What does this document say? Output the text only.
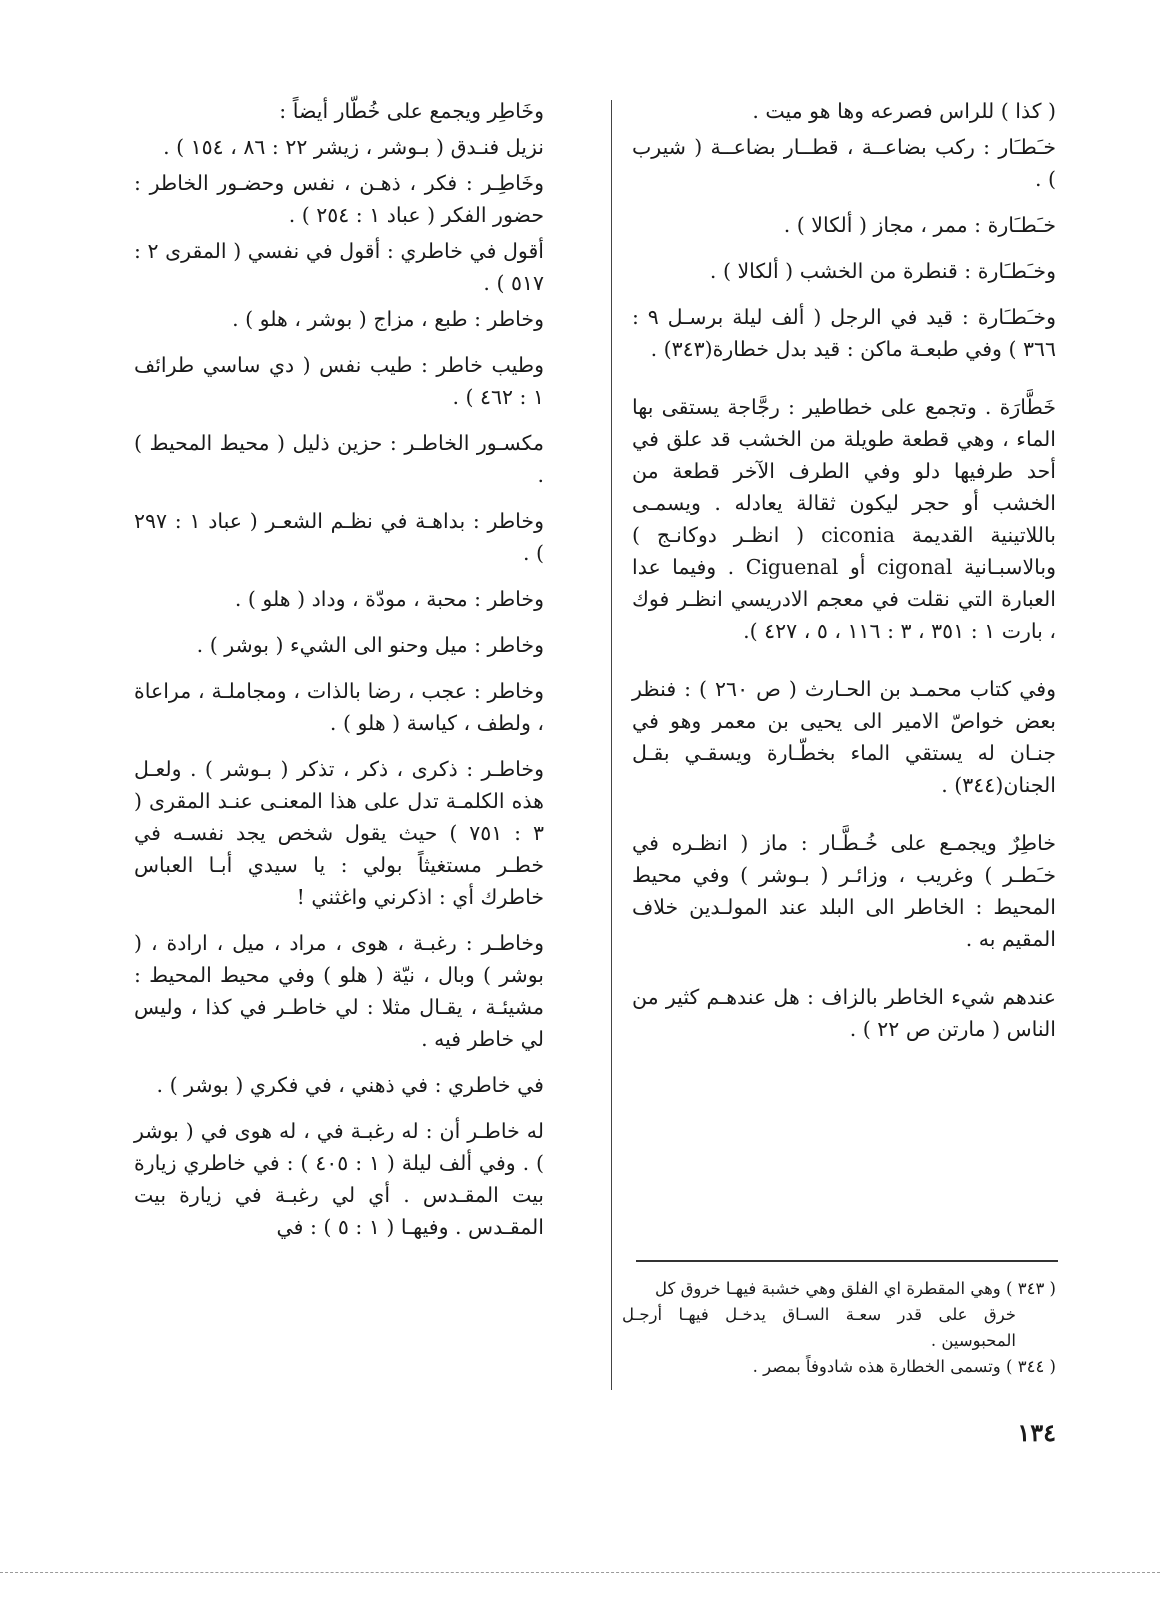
( كذا ) للراس فصرعه وها هو ميت .

خـَطـَار : ركب بضاعــة ، قطــار بضاعــة ( شيرب ) .

خـَطـَارة : ممر ، مجاز ( ألكالا ) .

وخـَطـَارة : قنطرة من الخشب ( ألكالا ) .

وخـَطـَارة : قيد في الرجل ( ألف ليلة برسـل ٩ : ٣٦٦ ) وفي طبعـة ماكن : قيد بدل خطارة(٣٤٣) .

خَطَّارَة . وتجمع على خطاطير : رجَّاجة يستقى بها الماء ، وهي قطعة طويلة من الخشب قد علق في أحد طرفيها دلو وفي الطرف الآخر قطعة من الخشب أو حجر ليكون ثقالة يعادله . ويسمـى باللاتينية القديمة ciconia ( انظـر دوكانـج ) وبالاسبـانية cigonal أو Ciguenal . وفيما عدا العبارة التي نقلت في معجم الادريسي انظـر فوك ، بارت ١ : ٣٥١ ، ٣ : ١١٦ ، ٥ ، ٤٢٧ ).

وفي كتاب محمـد بن الحـارث ( ص ٢٦٠ ) : فنظر بعض خواصّ الامير الى يحيى بن معمر وهو في جنـان له يستقي الماء بخطّـارة ويسقـي بقـل الجنان(٣٤٤) .

خاطِرٌ ويجمـع على خُـطَّـار : ماز ( انظـره في خـَطـر ) وغريب ، وزائـر ( بـوشر ) وفي محيط المحيط : الخاطر الى البلد عند المولـدين خلاف المقيم به .

عندهم شيء الخاطر بالزاف : هل عندهـم كثير من الناس ( مارتن ص ٢٢ ) .

وخَاطِر ويجمع على خُطّار أيضاً :

نزيل فنـدق ( بـوشر ، زيشر ٢٢ : ٨٦ ، ١٥٤ ) .

وخَاطِـر : فكر ، ذهـن ، نفس وحضـور الخاطر : حضور الفكر ( عباد ١ : ٢٥٤ ) .

أقول في خاطري : أقول في نفسي ( المقرى ٢ : ٥١٧ ) .

وخاطر : طبع ، مزاج ( بوشر ، هلو ) .

وطيب خاطر : طيب نفس ( دي ساسي طرائف ١ : ٤٦٢ ) .

مكسـور الخاطـر : حزين ذليل ( محيط المحيط ) .

وخاطر : بداهـة في نظـم الشعـر ( عباد ١ : ٢٩٧ ) .

وخاطر : محبة ، مودّة ، وداد ( هلو ) .

وخاطر : ميل وحنو الى الشيء ( بوشر ) .

وخاطر : عجب ، رضا بالذات ، ومجاملـة ، مراعاة ، ولطف ، كياسة ( هلو ) .

وخاطـر : ذكرى ، ذكر ، تذكر ( بـوشر ) . ولعـل هذه الكلمـة تدل على هذا المعنـى عنـد المقرى ( ٣ : ٧٥١ ) حيث يقول شخص يجد نفسـه في خطـر مستغيثاً بولي : يا سيدي أبـا العباس خاطرك أي : اذكرني واغثني !

وخاطـر : رغبـة ، هوى ، مراد ، ميل ، ارادة ، ( بوشر ) وبال ، نيّة ( هلو ) وفي محيط المحيط : مشيئـة ، يقـال مثلا : لي خاطـر في كذا ، وليس لي خاطر فيه .

في خاطري : في ذهني ، في فكري ( بوشر ) .

له خاطـر أن : له رغبـة في ، له هوى في ( بوشر ) . وفي ألف ليلة ( ١ : ٤٠٥ ) : في خاطري زيارة بيت المقـدس . أي لي رغبـة في زيارة بيت المقـدس . وفيهـا ( ١ : ٥ ) : في

( ٣٤٣ ) وهي المقطرة اي الفلق وهي خشبة فيهـا خروق كل

خرق على قدر سعـة السـاق يدخـل فيهـا أرجـل المحبوسين .

( ٣٤٤ ) وتسمى الخطارة هذه شادوفاً بمصر .

١٣٤
